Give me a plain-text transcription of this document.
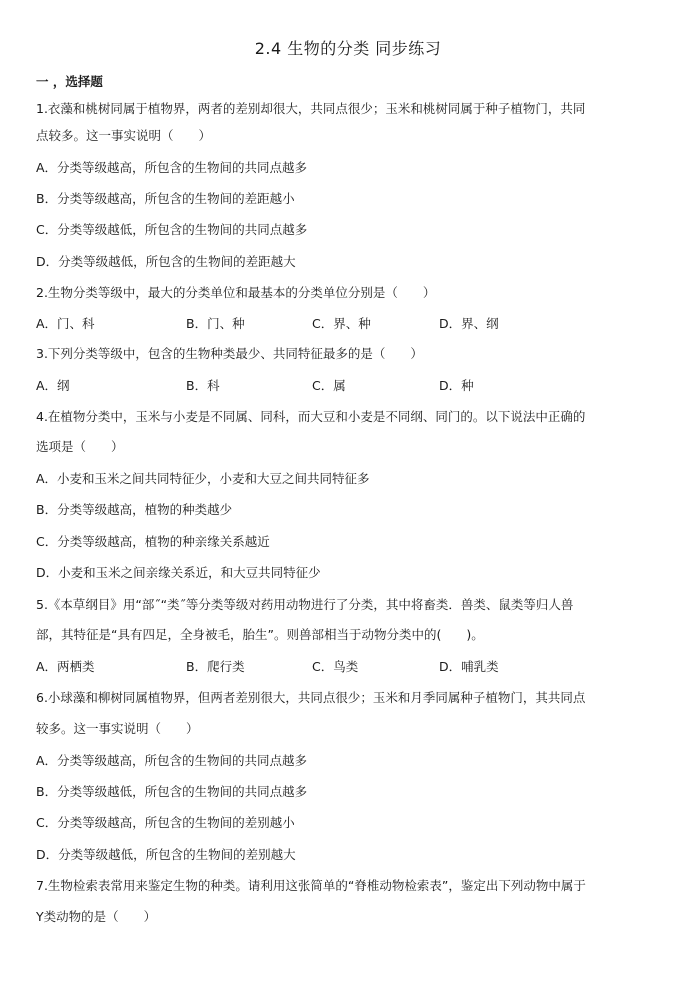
2.4 生物的分类 同步练习
一 ，选择题
1.衣藻和桃树同属于植物界，两者的差别却很大，共同点很少；玉米和桃树同属于种子植物门，共同
点较多。这一事实说明（　　）
A．分类等级越高，所包含的生物间的共同点越多
B．分类等级越高，所包含的生物间的差距越小
C．分类等级越低，所包含的生物间的共同点越多
D．分类等级越低，所包含的生物间的差距越大
2.生物分类等级中，最大的分类单位和最基本的分类单位分别是（　　）
A．门、科	B．门、种	C．界、种	D．界、纲
3.下列分类等级中，包含的生物种类最少、共同特征最多的是（　　）
A．纲	B．科	C．属	D．种
4.在植物分类中，玉米与小麦是不同属、同科，而大豆和小麦是不同纲、同门的。以下说法中正确的
选项是（　　）
A．小麦和玉米之间共同特征少，小麦和大豆之间共同特征多
B．分类等级越高，植物的种类越少
C．分类等级越高，植物的种亲缘关系越近
D．小麦和玉米之间亲缘关系近，和大豆共同特征少
5.《本草纲目》用“部˝“类˝等分类等级对药用动物进行了分类，其中将畜类．兽类、鼠类等归人兽
部，其特征是“具有四足，全身被毛，胎生”。则兽部相当于动物分类中的(　　)。
A．两栖类	B．爬行类	C．鸟类	D．哺乳类
6.小球藻和柳树同属植物界，但两者差别很大，共同点很少；玉米和月季同属种子植物门，其共同点
较多。这一事实说明（　　）
A．分类等级越高，所包含的生物间的共同点越多
B．分类等级越低，所包含的生物间的共同点越多
C．分类等级越高，所包含的生物间的差别越小
D．分类等级越低，所包含的生物间的差别越大
7.生物检索表常用来鉴定生物的种类。请利用这张简单的“脊椎动物检索表”，鉴定出下列动物中属于
Y类动物的是（　　）
